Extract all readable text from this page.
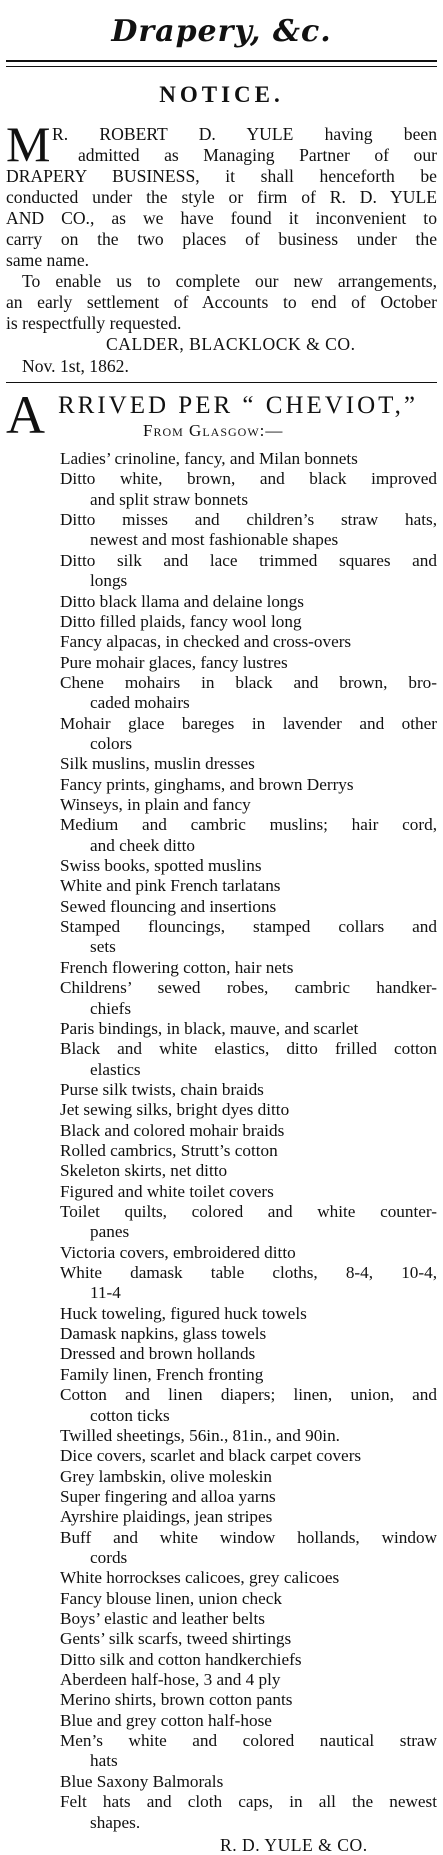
Drapery, &c.
NOTICE.
M R. ROBERT D. YULE having been
admitted as Managing Partner of our
DRAPERY BUSINESS, it shall henceforth be
conducted under the style or firm of R. D. YULE
AND CO., as we have found it inconvenient to
carry on the two places of business under the
same name.
To enable us to complete our new arrangements,
an early settlement of Accounts to end of October
is respectfully requested.
CALDER, BLACKLOCK & CO.
Nov. 1st, 1862.
A RRIVED PER “ CHEVIOT,”
From Glasgow:—
Ladies’ crinoline, fancy, and Milan bonnets
Ditto white, brown, and black improved
and split straw bonnets
Ditto misses and children’s straw hats,
newest and most fashionable shapes
Ditto silk and lace trimmed squares and
longs
Ditto black llama and delaine longs
Ditto filled plaids, fancy wool long
Fancy alpacas, in checked and cross-overs
Pure mohair glaces, fancy lustres
Chene mohairs in black and brown, bro-
caded mohairs
Mohair glace bareges in lavender and other
colors
Silk muslins, muslin dresses
Fancy prints, ginghams, and brown Derrys
Winseys, in plain and fancy
Medium and cambric muslins; hair cord,
and cheek ditto
Swiss books, spotted muslins
White and pink French tarlatans
Sewed flouncing and insertions
Stamped flouncings, stamped collars and
sets
French flowering cotton, hair nets
Childrens’ sewed robes, cambric handker-
chiefs
Paris bindings, in black, mauve, and scarlet
Black and white elastics, ditto frilled cotton
elastics
Purse silk twists, chain braids
Jet sewing silks, bright dyes ditto
Black and colored mohair braids
Rolled cambrics, Strutt’s cotton
Skeleton skirts, net ditto
Figured and white toilet covers
Toilet quilts, colored and white counter-
panes
Victoria covers, embroidered ditto
White damask table cloths, 8-4, 10-4,
11-4
Huck toweling, figured huck towels
Damask napkins, glass towels
Dressed and brown hollands
Family linen, French fronting
Cotton and linen diapers; linen, union, and
cotton ticks
Twilled sheetings, 56in., 81in., and 90in.
Dice covers, scarlet and black carpet covers
Grey lambskin, olive moleskin
Super fingering and alloa yarns
Ayrshire plaidings, jean stripes
Buff and white window hollands, window
cords
White horrockses calicoes, grey calicoes
Fancy blouse linen, union check
Boys’ elastic and leather belts
Gents’ silk scarfs, tweed shirtings
Ditto silk and cotton handkerchiefs
Aberdeen half-hose, 3 and 4 ply
Merino shirts, brown cotton pants
Blue and grey cotton half-hose
Men’s white and colored nautical straw
hats
Blue Saxony Balmorals
Felt hats and cloth caps, in all the newest
shapes.
R. D. YULE & CO.
